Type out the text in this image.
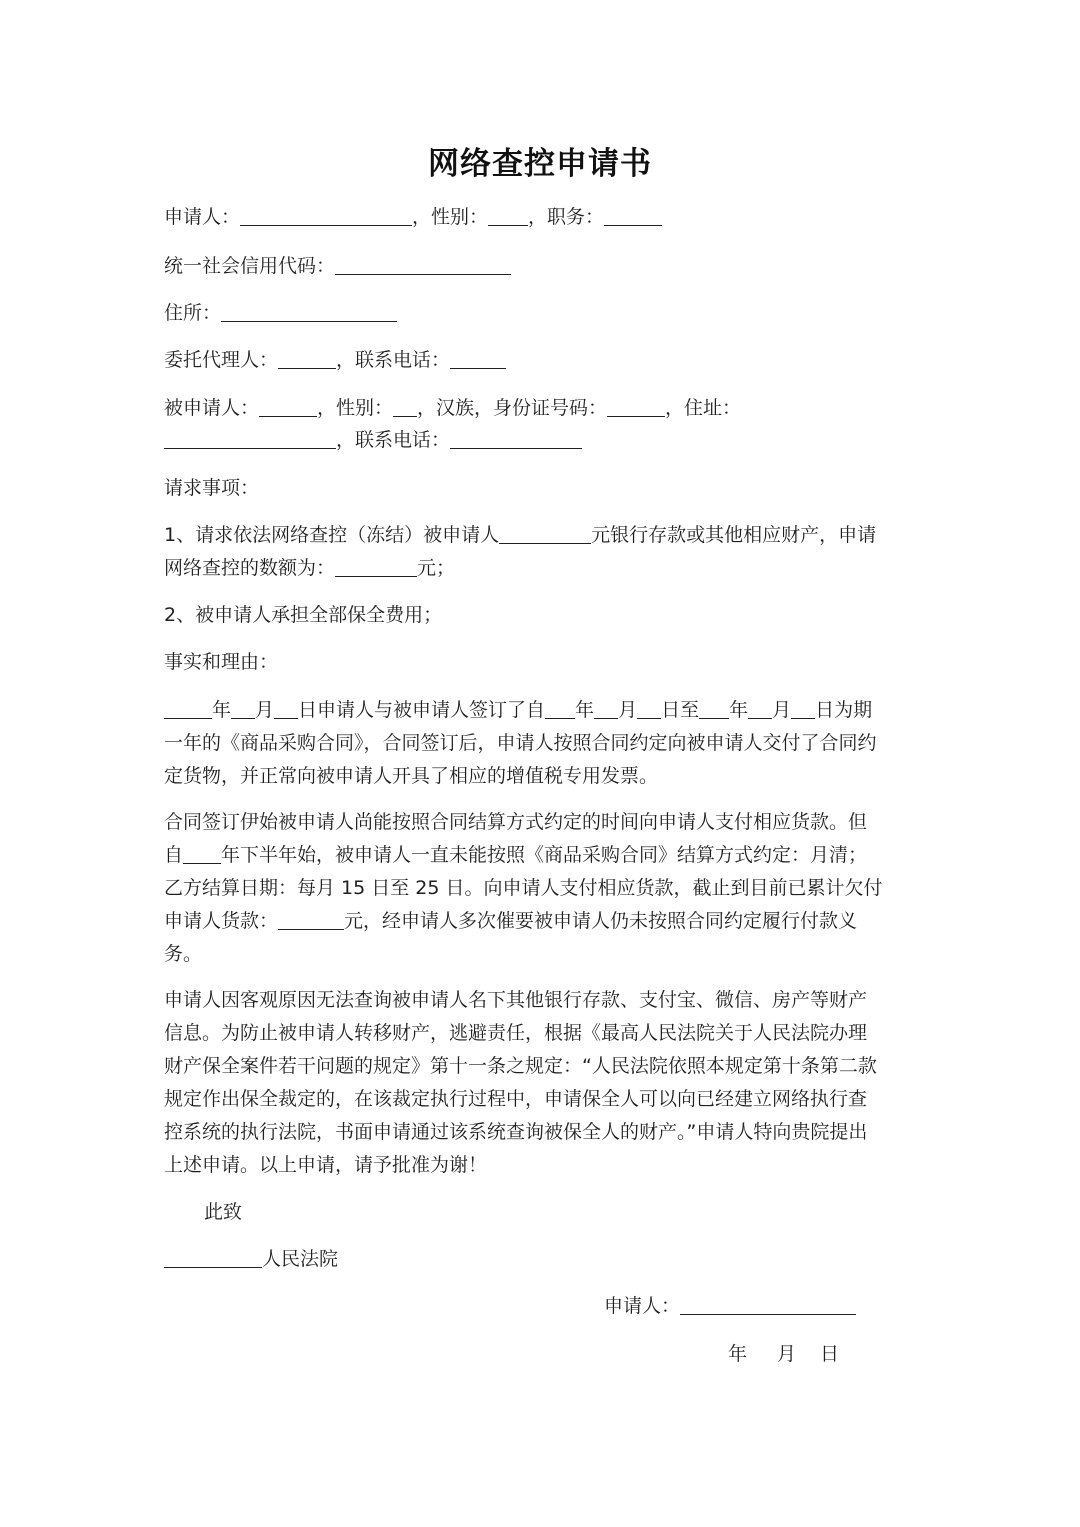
网络查控申请书
申请人：	，性别： ，职务：
统一社会信用代码：
住所：
委托代理人：	，联系电话：
被申请人：	，性别： ，汉族，身份证号码：	，住址：
，联系电话：
请求事项：
1、请求依法网络查控（冻结）被申请人	元银行存款或其他相应财产，申请
网络查控的数额为：	元；
2、被申请人承担全部保全费用；
事实和理由：
年 月 日申请人与被申请人签订了自 年 月 日至 年 月 日为期
一年的《商品采购合同》，合同签订后，申请人按照合同约定向被申请人交付了合同约
定货物，并正常向被申请人开具了相应的增值税专用发票。
合同签订伊始被申请人尚能按照合同结算方式约定的时间向申请人支付相应货款。但
自 年下半年始，被申请人一直未能按照《商品采购合同》结算方式约定：月清；
乙方结算日期：每月 15 日至 25 日。向申请人支付相应货款，截止到目前已累计欠付
申请人货款：	元，经申请人多次催要被申请人仍未按照合同约定履行付款义
务。
申请人因客观原因无法查询被申请人名下其他银行存款、支付宝、微信、房产等财产
信息。为防止被申请人转移财产，逃避责任，根据《最高人民法院关于人民法院办理
财产保全案件若干问题的规定》第十一条之规定：“人民法院依照本规定第十条第二款
规定作出保全裁定的，在该裁定执行过程中，申请保全人可以向已经建立网络执行查
控系统的执行法院，书面申请通过该系统查询被保全人的财产。”申请人特向贵院提出
上述申请。以上申请，请予批准为谢！
此致
人民法院
申请人：
年 月 日
